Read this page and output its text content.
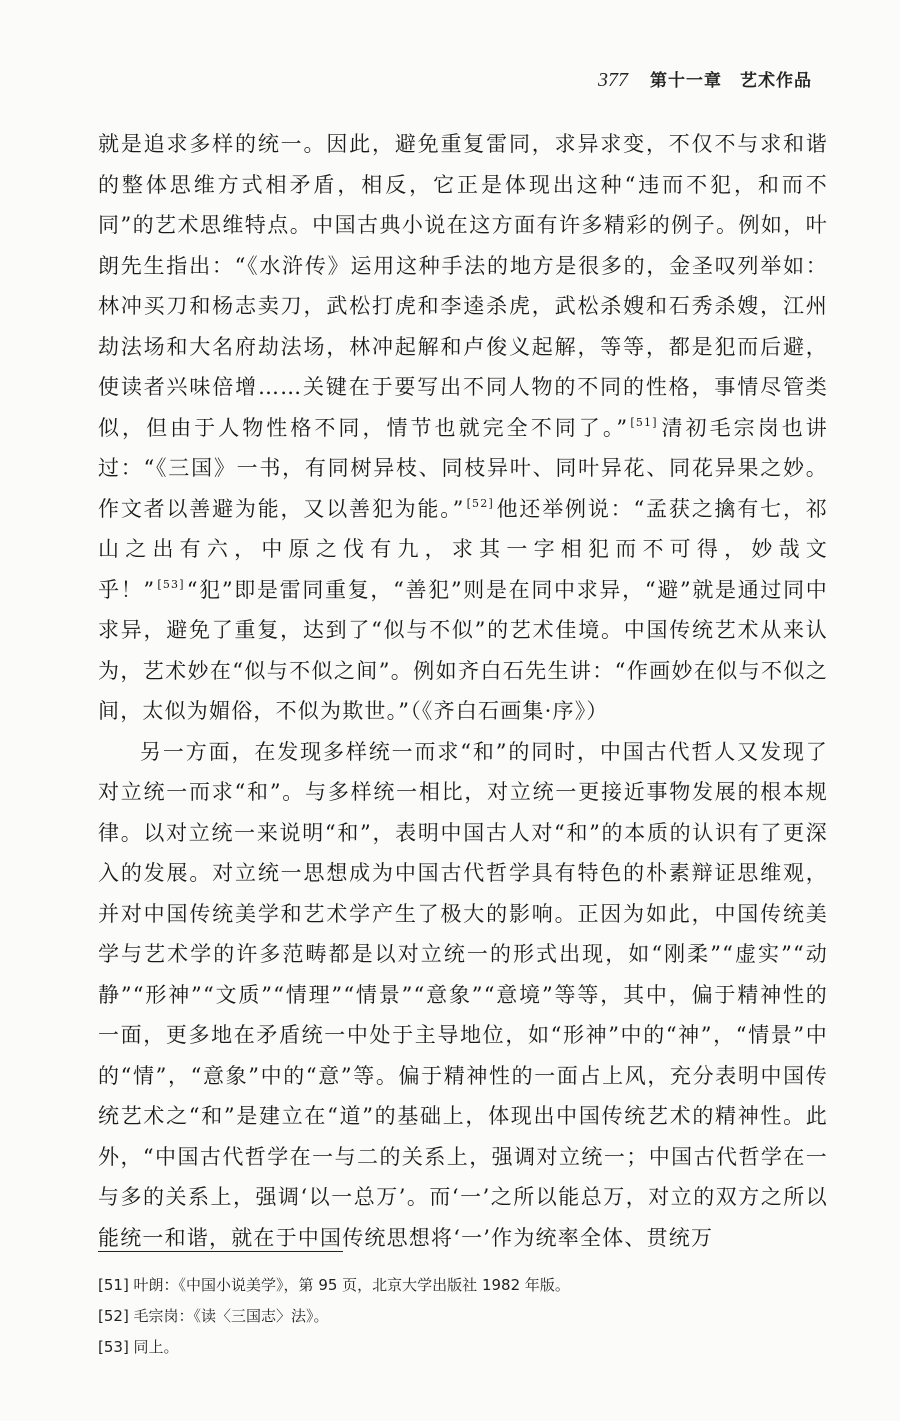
377 第十一章　艺术作品

就是追求多样的统一。因此，避免重复雷同，求异求变，不仅不与求和谐的整体思维方式相矛盾，相反，它正是体现出这种“违而不犯，和而不同”的艺术思维特点。中国古典小说在这方面有许多精彩的例子。例如，叶朗先生指出：“《水浒传》运用这种手法的地方是很多的，金圣叹列举如：林冲买刀和杨志卖刀，武松打虎和李逵杀虎，武松杀嫂和石秀杀嫂，江州劫法场和大名府劫法场，林冲起解和卢俊义起解，等等，都是犯而后避，使读者兴味倍增……关键在于要写出不同人物的不同的性格，事情尽管类似，但由于人物性格不同，情节也就完全不同了。” [51]清初毛宗岗也讲过：“《三国》一书，有同树异枝、同枝异叶、同叶异花、同花异果之妙。作文者以善避为能，又以善犯为能。” [52]他还举例说：“孟获之擒有七，祁山之出有六，中原之伐有九，求其一字相犯而不可得，妙哉文乎！” [53]“犯”即是雷同重复，“善犯”则是在同中求异，“避”就是通过同中求异，避免了重复，达到了“似与不似”的艺术佳境。中国传统艺术从来认为，艺术妙在“似与不似之间”。例如齐白石先生讲：“作画妙在似与不似之间，太似为媚俗，不似为欺世。”（《齐白石画集·序》）

另一方面，在发现多样统一而求“和”的同时，中国古代哲人又发现了对立统一而求“和”。与多样统一相比，对立统一更接近事物发展的根本规律。以对立统一来说明“和”，表明中国古人对“和”的本质的认识有了更深入的发展。对立统一思想成为中国古代哲学具有特色的朴素辩证思维观，并对中国传统美学和艺术学产生了极大的影响。正因为如此，中国传统美学与艺术学的许多范畴都是以对立统一的形式出现，如“刚柔”“虚实”“动静”“形神”“文质”“情理”“情景”“意象”“意境”等等，其中，偏于精神性的一面，更多地在矛盾统一中处于主导地位，如“形神”中的“神”，“情景”中的“情”，“意象”中的“意”等。偏于精神性的一面占上风，充分表明中国传统艺术之“和”是建立在“道”的基础上，体现出中国传统艺术的精神性。此外，“中国古代哲学在一与二的关系上，强调对立统一；中国古代哲学在一与多的关系上，强调‘以一总万’。而‘一’之所以能总万，对立的双方之所以能统一和谐，就在于中国传统思想将‘一’作为统率全体、贯统万

[51] 叶朗：《中国小说美学》，第 95 页，北京大学出版社 1982 年版。
[52] 毛宗岗：《读〈三国志〉法》。
[53] 同上。
